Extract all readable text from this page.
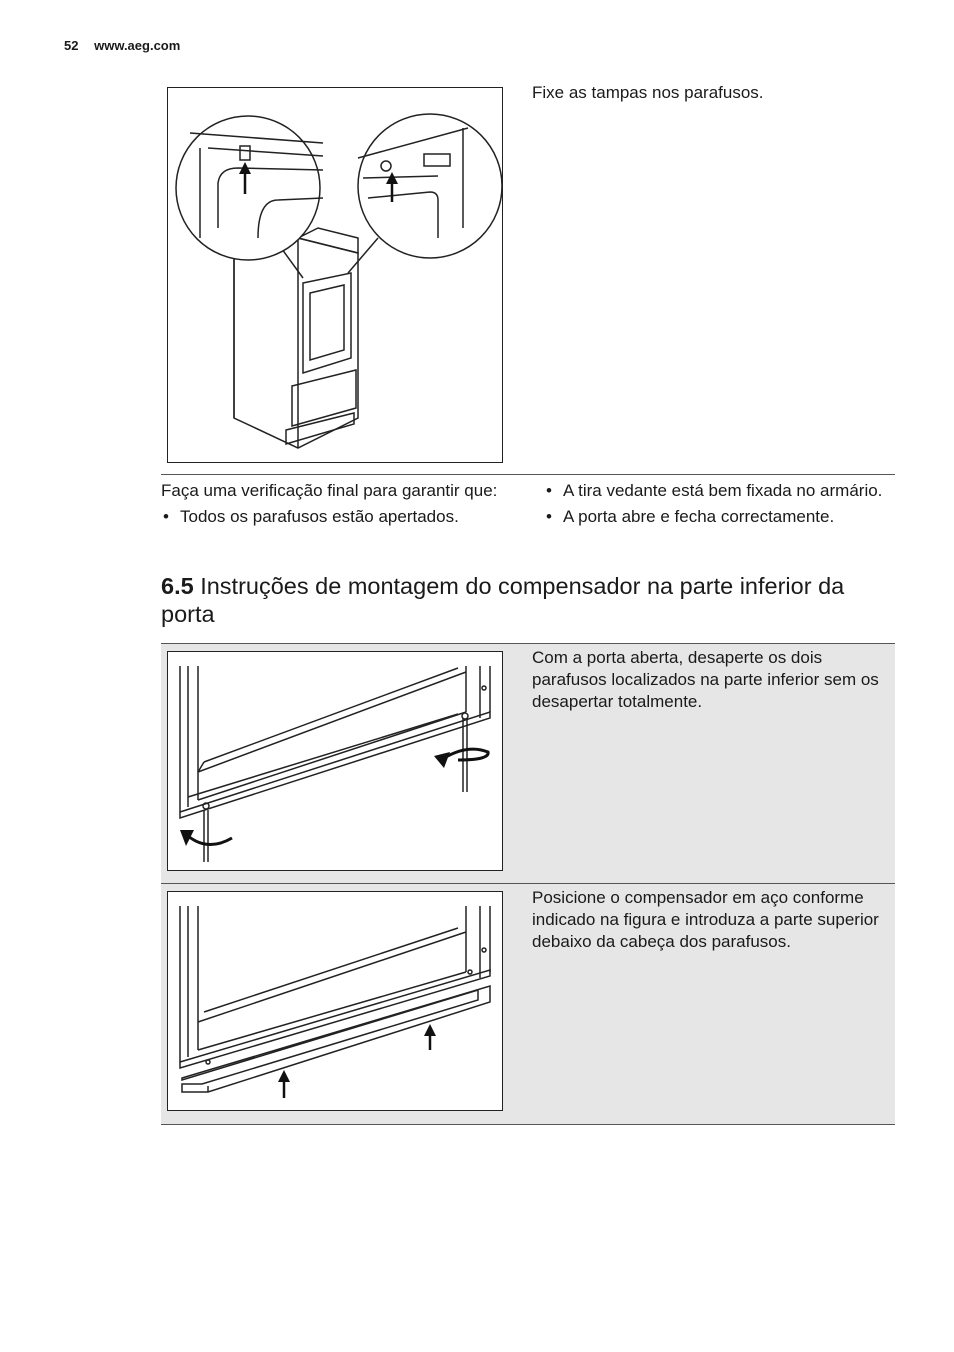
52 www.aeg.com
Fixe as tampas nos parafusos.
Faça uma verificação final para garantir que:
• Todos os parafusos estão apertados.
• A tira vedante está bem fixada no armário.
• A porta abre e fecha correctamente.
6.5 Instruções de montagem do compensador na parte inferior da porta
Com a porta aberta, desaperte os dois parafusos localizados na parte inferior sem os desapertar totalmente.
Posicione o compensador em aço conforme indicado na figura e introduza a parte superior debaixo da cabeça dos parafusos.
